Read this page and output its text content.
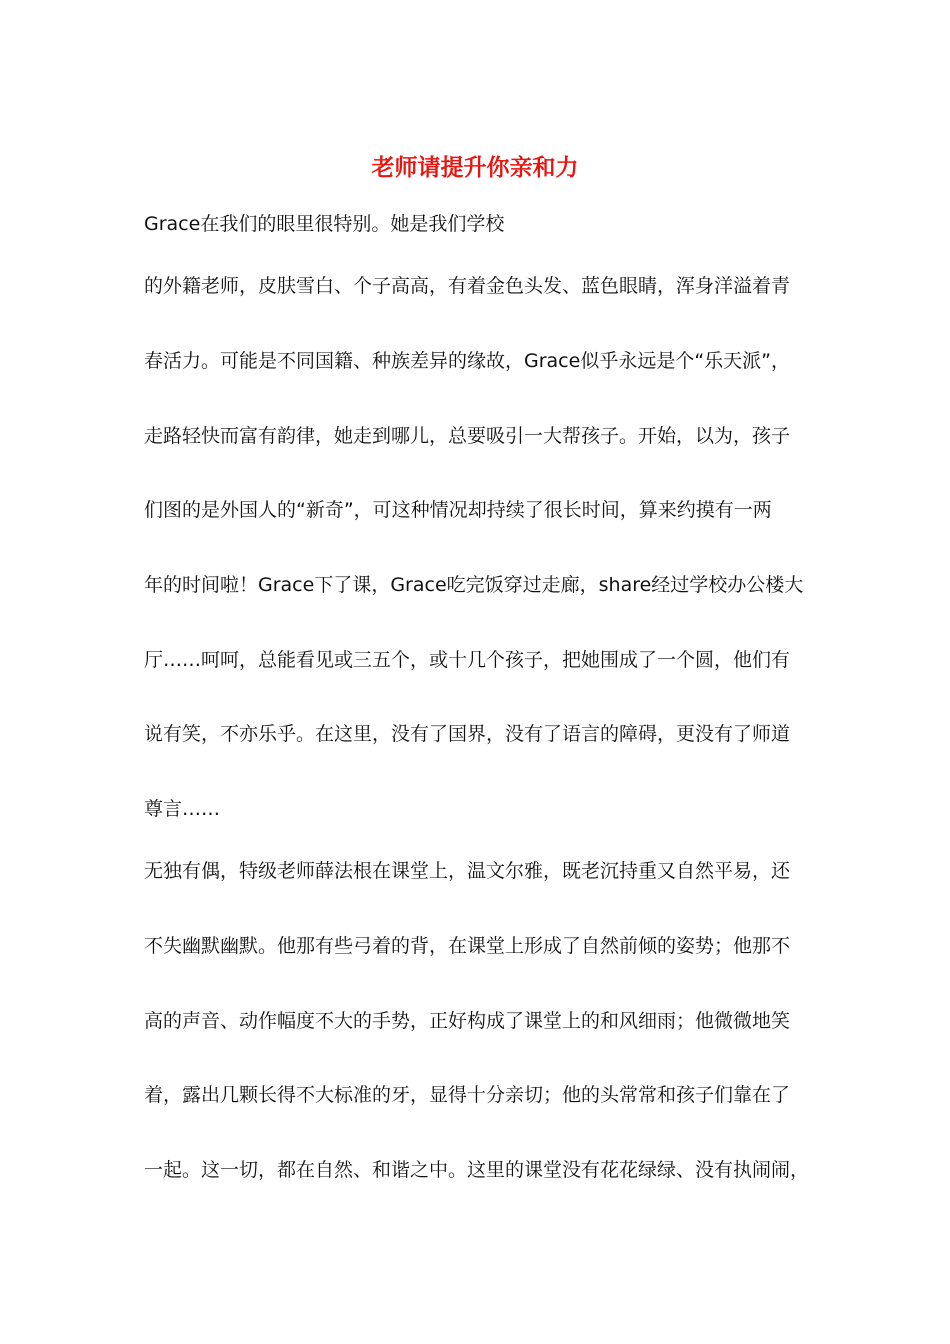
老师请提升你亲和力
Grace在我们的眼里很特别。她是我们学校
的外籍老师，皮肤雪白、个子高高，有着金色头发、蓝色眼睛，浑身洋溢着青
春活力。可能是不同国籍、种族差异的缘故，Grace似乎永远是个“乐天派”，
走路轻快而富有韵律，她走到哪儿，总要吸引一大帮孩子。开始，以为，孩子
们图的是外国人的“新奇”，可这种情况却持续了很长时间，算来约摸有一两
年的时间啦！Grace下了课，Grace吃完饭穿过走廊，share经过学校办公楼大
厅……呵呵，总能看见或三五个，或十几个孩子，把她围成了一个圆，他们有
说有笑，不亦乐乎。在这里，没有了国界，没有了语言的障碍，更没有了师道
尊言……
无独有偶，特级老师薛法根在课堂上，温文尔雅，既老沉持重又自然平易，还
不失幽默幽默。他那有些弓着的背，在课堂上形成了自然前倾的姿势；他那不
高的声音、动作幅度不大的手势，正好构成了课堂上的和风细雨；他微微地笑
着，露出几颗长得不大标准的牙，显得十分亲切；他的头常常和孩子们靠在了
一起。这一切，都在自然、和谐之中。这里的课堂没有花花绿绿、没有执闹闹，
